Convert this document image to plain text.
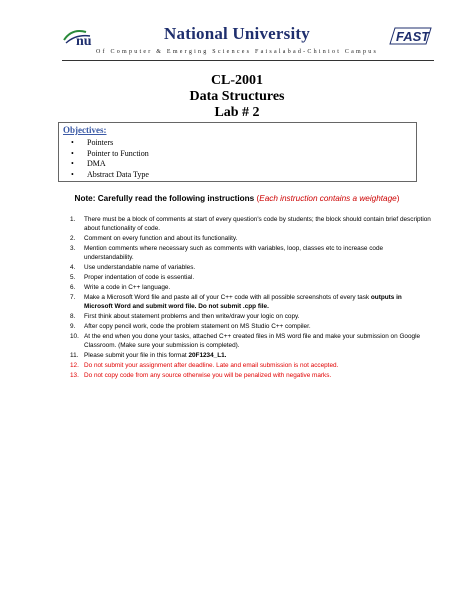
nu	National University	FAST
Of Computer & Emerging Sciences Faisalabad-Chiniot Campus
CL-2001
Data Structures
Lab # 2
Objectives:
• Pointers
• Pointer to Function
• DMA
• Abstract Data Type
Note: Carefully read the following instructions (Each instruction contains a weightage)
1. There must be a block of comments at start of every question's code by students; the block should contain brief description about functionality of code.
2. Comment on every function and about its functionality.
3. Mention comments where necessary such as comments with variables, loop, classes etc to increase code understandability.
4. Use understandable name of variables.
5. Proper indentation of code is essential.
6. Write a code in C++ language.
7. Make a Microsoft Word file and paste all of your C++ code with all possible screenshots of every task outputs in Microsoft Word and submit word file. Do not submit .cpp file.
8. First think about statement problems and then write/draw your logic on copy.
9. After copy pencil work, code the problem statement on MS Studio C++ compiler.
10. At the end when you done your tasks, attached C++ created files in MS word file and make your submission on Google Classroom. (Make sure your submission is completed).
11. Please submit your file in this format 20F1234_L1.
12. Do not submit your assignment after deadline. Late and email submission is not accepted.
13. Do not copy code from any source otherwise you will be penalized with negative marks.
